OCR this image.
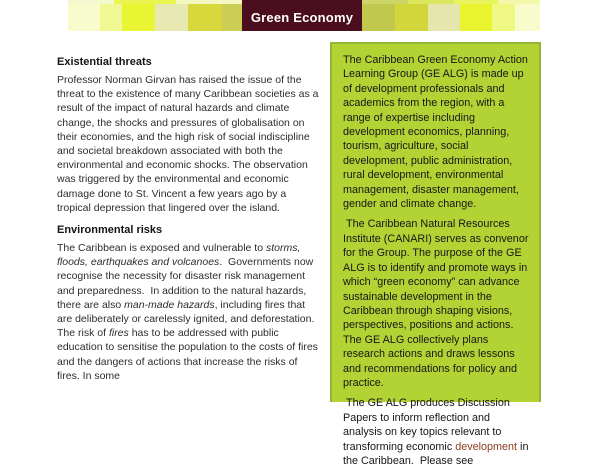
Green Economy
Existential threats

Professor Norman Girvan has raised the issue of the threat to the existence of many Caribbean societies as a result of the impact of natural hazards and climate change, the shocks and pressures of globalisation on their economies, and the high risk of social indiscipline and societal breakdown associated with both the environmental and economic shocks. The observation was triggered by the environmental and economic damage done to St. Vincent a few years ago by a tropical depression that lingered over the island.

Environmental risks

The Caribbean is exposed and vulnerable to storms, floods, earthquakes and volcanoes.  Governments now recognise the necessity for disaster risk management and preparedness.  In addition to the natural hazards, there are also man-made hazards, including fires that are deliberately or carelessly ignited, and deforestation. The risk of fires has to be addressed with public education to sensitise the population to the costs of fires and the dangers of actions that increase the risks of fires. In some

The Caribbean Green Economy Action Learning Group (GE ALG) is made up of development professionals and academics from the region, with a range of expertise including development economics, planning, tourism, agriculture, social development, public administration, rural development, environmental management, disaster management, gender and climate change.

The Caribbean Natural Resources Institute (CANARI) serves as convenor for the Group. The purpose of the GE ALG is to identify and promote ways in which “green economy” can advance sustainable development in the Caribbean through shaping visions, perspectives, positions and actions. The GE ALG collectively plans research actions and draws lessons and recommendations for policy and practice.

The GE ALG produces Discussion Papers to inform reflection and analysis on key topics relevant to transforming economic development in the Caribbean.  Please see
